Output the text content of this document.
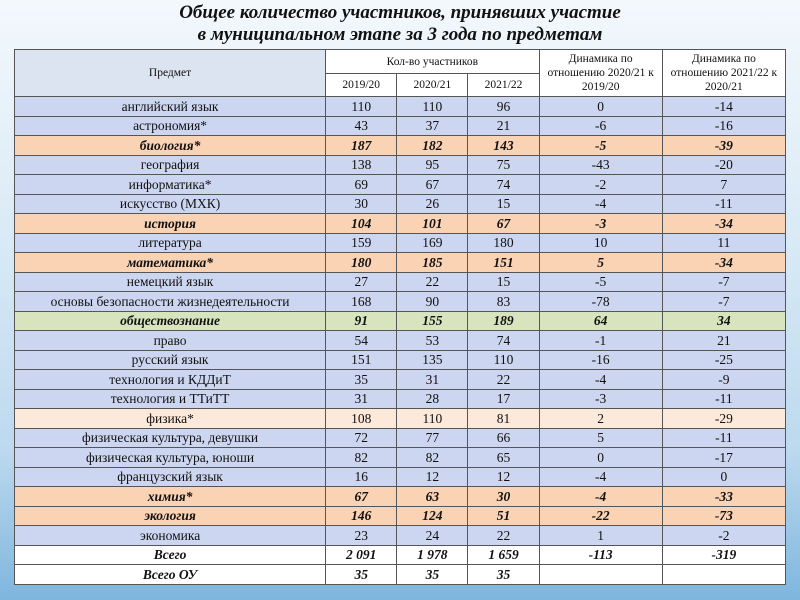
Общее количество участников, принявших участие
в муниципальном этапе за 3 года по предметам
Предмет	Кол-во участников			Динамика по отношению 2020/21 к 2019/20	Динамика по отношению 2021/22 к 2020/21
	2019/20	2020/21	2021/22		
английский язык	110	110	96	0	-14
астрономия*	43	37	21	-6	-16
биология*	187	182	143	-5	-39
география	138	95	75	-43	-20
информатика*	69	67	74	-2	7
искусство (МХК)	30	26	15	-4	-11
история	104	101	67	-3	-34
литература	159	169	180	10	11
математика*	180	185	151	5	-34
немецкий язык	27	22	15	-5	-7
основы безопасности жизнедеятельности	168	90	83	-78	-7
обществознание	91	155	189	64	34
право	54	53	74	-1	21
русский язык	151	135	110	-16	-25
технология и КДДиТ	35	31	22	-4	-9
технология и ТТиТТ	31	28	17	-3	-11
физика*	108	110	81	2	-29
физическая культура, девушки	72	77	66	5	-11
физическая культура, юноши	82	82	65	0	-17
французский язык	16	12	12	-4	0
химия*	67	63	30	-4	-33
экология	146	124	51	-22	-73
экономика	23	24	22	1	-2
Всего	2 091	1 978	1 659	-113	-319
Всего ОУ	35	35	35		
